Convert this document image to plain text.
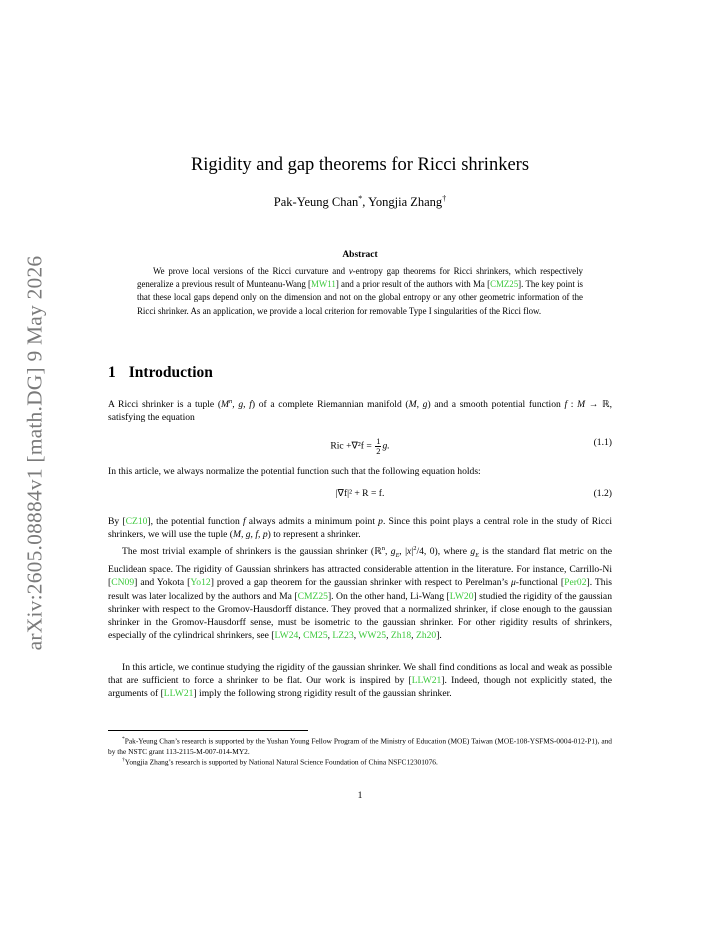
arXiv:2605.08884v1 [math.DG] 9 May 2026
Rigidity and gap theorems for Ricci shrinkers
Pak-Yeung Chan*, Yongjia Zhang†
Abstract
We prove local versions of the Ricci curvature and ν-entropy gap theorems for Ricci shrinkers, which respectively generalize a previous result of Munteanu-Wang [MW11] and a prior result of the authors with Ma [CMZ25]. The key point is that these local gaps depend only on the dimension and not on the global entropy or any other geometric information of the Ricci shrinker. As an application, we provide a local criterion for removable Type I singularities of the Ricci flow.
1 Introduction
A Ricci shrinker is a tuple ($M^n$, g, f) of a complete Riemannian manifold (M, g) and a smooth potential function f : M → ℝ, satisfying the equation
Ric $+\nabla^2f = \frac{1}{2} g$.	(1.1)
In this article, we always normalize the potential function such that the following equation holds:
|∇f|² + R = f.	(1.2)
By [CZ10], the potential function f always admits a minimum point p. Since this point plays a central role in the study of Ricci shrinkers, we will use the tuple (M, g, f, p) to represent a shrinker.
The most trivial example of shrinkers is the gaussian shrinker (ℝ$^n$, $g_E$, $|x|^2/4$, 0), where $g_E$ is the standard flat metric on the Euclidean space. The rigidity of Gaussian shrinkers has attracted considerable attention in the literature. For instance, Carrillo-Ni [CN09] and Yokota [Yo12] proved a gap theorem for the gaussian shrinker with respect to Perelman’s μ-functional [Per02]. This result was later localized by the authors and Ma [CMZ25]. On the other hand, Li-Wang [LW20] studied the rigidity of the gaussian shrinker with respect to the Gromov-Hausdorff distance. They proved that a normalized shrinker, if close enough to the gaussian shrinker in the Gromov-Hausdorff sense, must be isometric to the gaussian shrinker. For other rigidity results of shrinkers, especially of the cylindrical shrinkers, see [LW24, CM25, LZ23, WW25, Zh18, Zh20].
In this article, we continue studying the rigidity of the gaussian shrinker. We shall find conditions as local and weak as possible that are sufficient to force a shrinker to be flat. Our work is inspired by [LLW21]. Indeed, though not explicitly stated, the arguments of [LLW21] imply the following strong rigidity result of the gaussian shrinker.
*Pak-Yeung Chan’s research is supported by the Yushan Young Fellow Program of the Ministry of Education (MOE) Taiwan (MOE-108-YSFMS-0004-012-P1), and by the NSTC grant 113-2115-M-007-014-MY2.
†Yongjia Zhang’s research is supported by National Natural Science Foundation of China NSFC12301076.
1
